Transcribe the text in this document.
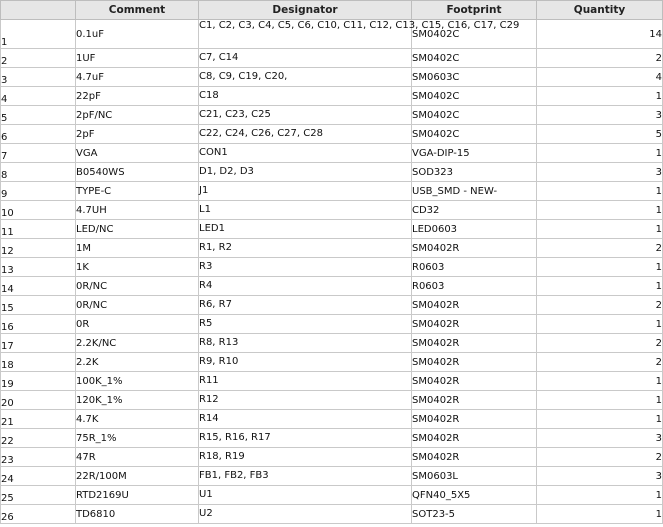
	Comment	Designator	Footprint	Quantity
1	0.1uF	C1, C2, C3, C4, C5, C6, C10, C11, C12, C13, C15, C16, C17, C29	SM0402C	14
2	1UF	C7, C14	SM0402C	2
3	4.7uF	C8, C9, C19, C20,	SM0603C	4
4	22pF	C18	SM0402C	1
5	2pF/NC	C21, C23, C25	SM0402C	3
6	2pF	C22, C24, C26, C27, C28	SM0402C	5
7	VGA	CON1	VGA-DIP-15	1
8	B0540WS	D1, D2, D3	SOD323	3
9	TYPE-C	J1	USB_SMD - NEW-	1
10	4.7UH	L1	CD32	1
11	LED/NC	LED1	LED0603	1
12	1M	R1, R2	SM0402R	2
13	1K	R3	R0603	1
14	0R/NC	R4	R0603	1
15	0R/NC	R6, R7	SM0402R	2
16	0R	R5	SM0402R	1
17	2.2K/NC	R8, R13	SM0402R	2
18	2.2K	R9, R10	SM0402R	2
19	100K_1%	R11	SM0402R	1
20	120K_1%	R12	SM0402R	1
21	4.7K	R14	SM0402R	1
22	75R_1%	R15, R16, R17	SM0402R	3
23	47R	R18, R19	SM0402R	2
24	22R/100M	FB1, FB2, FB3	SM0603L	3
25	RTD2169U	U1	QFN40_5X5	1
26	TD6810	U2	SOT23-5	1
